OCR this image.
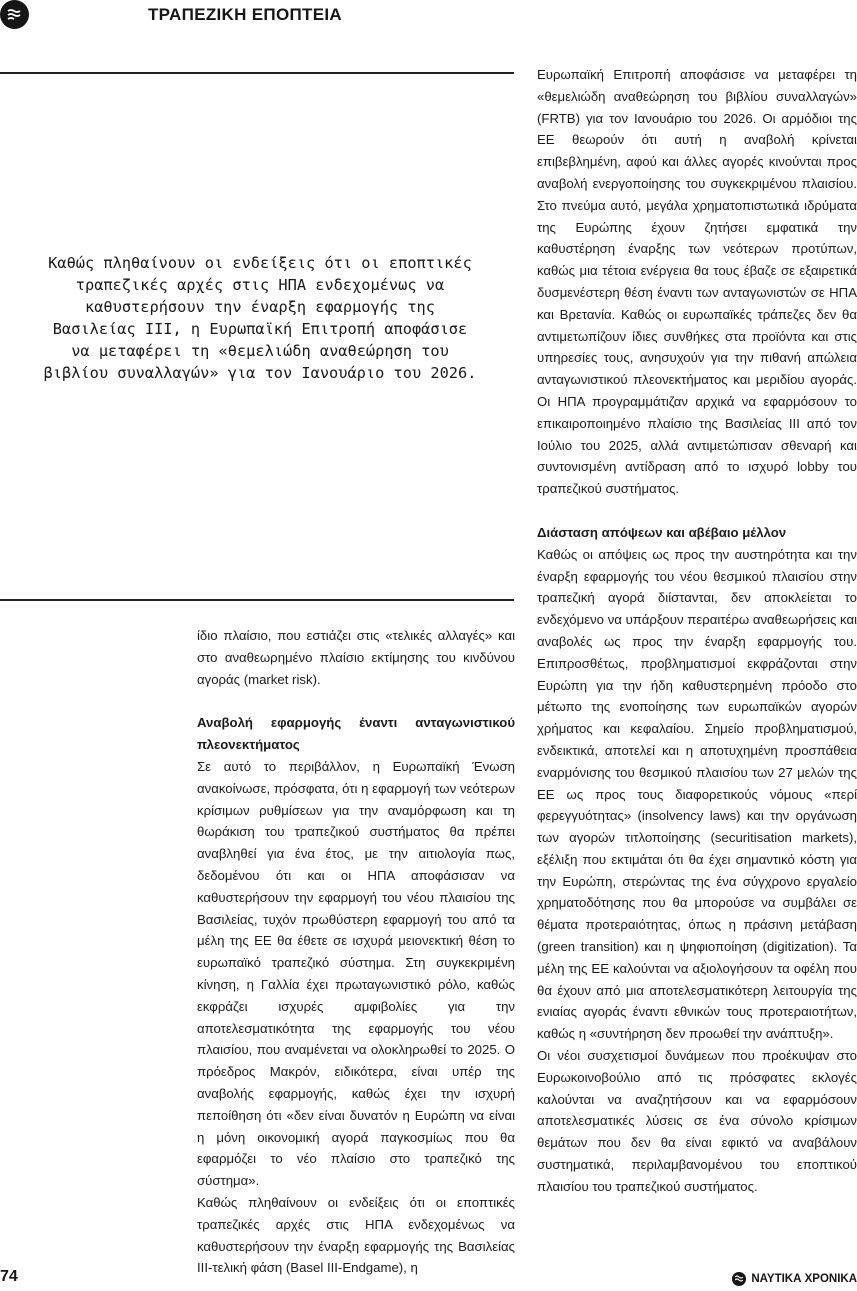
ΤΡΑΠΕΖΙΚΗ ΕΠΟΠΤΕΙΑ
Καθώς πληθαίνουν οι ενδείξεις ότι οι εποπτικές τραπεζικές αρχές στις ΗΠΑ ενδεχομένως να καθυστερήσουν την έναρξη εφαρμογής της Βασιλείας III, η Ευρωπαϊκή Επιτροπή αποφάσισε να μεταφέρει τη «θεμελιώδη αναθεώρηση του βιβλίου συναλλαγών» για τον Ιανουάριο του 2026.

ίδιο πλαίσιο, που εστιάζει στις «τελικές αλλαγές» και στο αναθεωρημένο πλαίσιο εκτίμησης του κινδύνου αγοράς (market risk).

Αναβολή εφαρμογής έναντι ανταγωνιστικού πλεονεκτήματος

Σε αυτό το περιβάλλον, η Ευρωπαϊκή Ένωση ανακοίνωσε, πρόσφατα, ότι η εφαρμογή των νεότερων κρίσιμων ρυθμίσεων για την αναμόρφωση και τη θωράκιση του τραπεζικού συστήματος θα πρέπει αναβληθεί για ένα έτος, με την αιτιολογία πως, δεδομένου ότι και οι ΗΠΑ αποφάσισαν να καθυστερήσουν την εφαρμογή του νέου πλαισίου της Βασιλείας, τυχόν πρωθύστερη εφαρμογή του από τα μέλη της ΕΕ θα έθετε σε ισχυρά μειονεκτική θέση το ευρωπαϊκό τραπεζικό σύστημα. Στη συγκεκριμένη κίνηση, η Γαλλία έχει πρωταγωνιστικό ρόλο, καθώς εκφράζει ισχυρές αμφιβολίες για την αποτελεσματικότητα της εφαρμογής του νέου πλαισίου, που αναμένεται να ολοκληρωθεί το 2025. Ο πρόεδρος Μακρόν, ειδικότερα, είναι υπέρ της αναβολής εφαρμογής, καθώς έχει την ισχυρή πεποίθηση ότι «δεν είναι δυνατόν η Ευρώπη να είναι η μόνη οικονομική αγορά παγκοσμίως που θα εφαρμόζει το νέο πλαίσιο στο τραπεζικό της σύστημα».

Καθώς πληθαίνουν οι ενδείξεις ότι οι εποπτικές τραπεζικές αρχές στις ΗΠΑ ενδεχομένως να καθυστερήσουν την έναρξη εφαρμογής της Βασιλείας III-τελική φάση (Basel III-Endgame), η

Ευρωπαϊκή Επιτροπή αποφάσισε να μεταφέρει τη «θεμελιώδη αναθεώρηση του βιβλίου συναλλαγών» (FRTB) για τον Ιανουάριο του 2026. Οι αρμόδιοι της ΕΕ θεωρούν ότι αυτή η αναβολή κρίνεται επιβεβλημένη, αφού και άλλες αγορές κινούνται προς αναβολή ενεργοποίησης του συγκεκριμένου πλαισίου. Στο πνεύμα αυτό, μεγάλα χρηματοπιστωτικά ιδρύματα της Ευρώπης έχουν ζητήσει εμφατικά την καθυστέρηση έναρξης των νεότερων προτύπων, καθώς μια τέτοια ενέργεια θα τους έβαζε σε εξαιρετικά δυσμενέστερη θέση έναντι των ανταγωνιστών σε ΗΠΑ και Βρετανία. Καθώς οι ευρωπαϊκές τράπεζες δεν θα αντιμετωπίζουν ίδιες συνθήκες στα προϊόντα και στις υπηρεσίες τους, ανησυχούν για την πιθανή απώλεια ανταγωνιστικού πλεονεκτήματος και μεριδίου αγοράς. Οι ΗΠΑ προγραμμάτιζαν αρχικά να εφαρμόσουν το επικαιροποιημένο πλαίσιο της Βασιλείας III από τον Ιούλιο του 2025, αλλά αντιμετώπισαν σθεναρή και συντονισμένη αντίδραση από το ισχυρό lobby του τραπεζικού συστήματος.

Διάσταση απόψεων και αβέβαιο μέλλον

Καθώς οι απόψεις ως προς την αυστηρότητα και την έναρξη εφαρμογής του νέου θεσμικού πλαισίου στην τραπεζική αγορά διίστανται, δεν αποκλείεται το ενδεχόμενο να υπάρξουν περαιτέρω αναθεωρήσεις και αναβολές ως προς την έναρξη εφαρμογής του. Επιπροσθέτως, προβληματισμοί εκφράζονται στην Ευρώπη για την ήδη καθυστερημένη πρόοδο στο μέτωπο της ενοποίησης των ευρωπαϊκών αγορών χρήματος και κεφαλαίου. Σημείο προβληματισμού, ενδεικτικά, αποτελεί και η αποτυχημένη προσπάθεια εναρμόνισης του θεσμικού πλαισίου των 27 μελών της ΕΕ ως προς τους διαφορετικούς νόμους «περί φερεγγυότητας» (insolvency laws) και την οργάνωση των αγορών τιτλοποίησης (securitisation markets), εξέλιξη που εκτιμάται ότι θα έχει σημαντικό κόστη για την Ευρώπη, στερώντας της ένα σύγχρονο εργαλείο χρηματοδότησης που θα μπορούσε να συμβάλει σε θέματα προτεραιότητας, όπως η πράσινη μετάβαση (green transition) και η ψηφιοποίηση (digitization). Τα μέλη της ΕΕ καλούνται να αξιολογήσουν τα οφέλη που θα έχουν από μια αποτελεσματικότερη λειτουργία της ενιαίας αγοράς έναντι εθνικών τους προτεραιοτήτων, καθώς η «συντήρηση δεν προωθεί την ανάπτυξη».

Οι νέοι συσχετισμοί δυνάμεων που προέκυψαν στο Ευρωκοινοβούλιο από τις πρόσφατες εκλογές καλούνται να αναζητήσουν και να εφαρμόσουν αποτελεσματικές λύσεις σε ένα σύνολο κρίσιμων θεμάτων που δεν θα είναι εφικτό να αναβάλουν συστηματικά, περιλαμβανομένου του εποπτικού πλαισίου του τραπεζικού συστήματος.

74	ΝΑΥΤΙΚΑ ΧΡΟΝΙΚΑ
